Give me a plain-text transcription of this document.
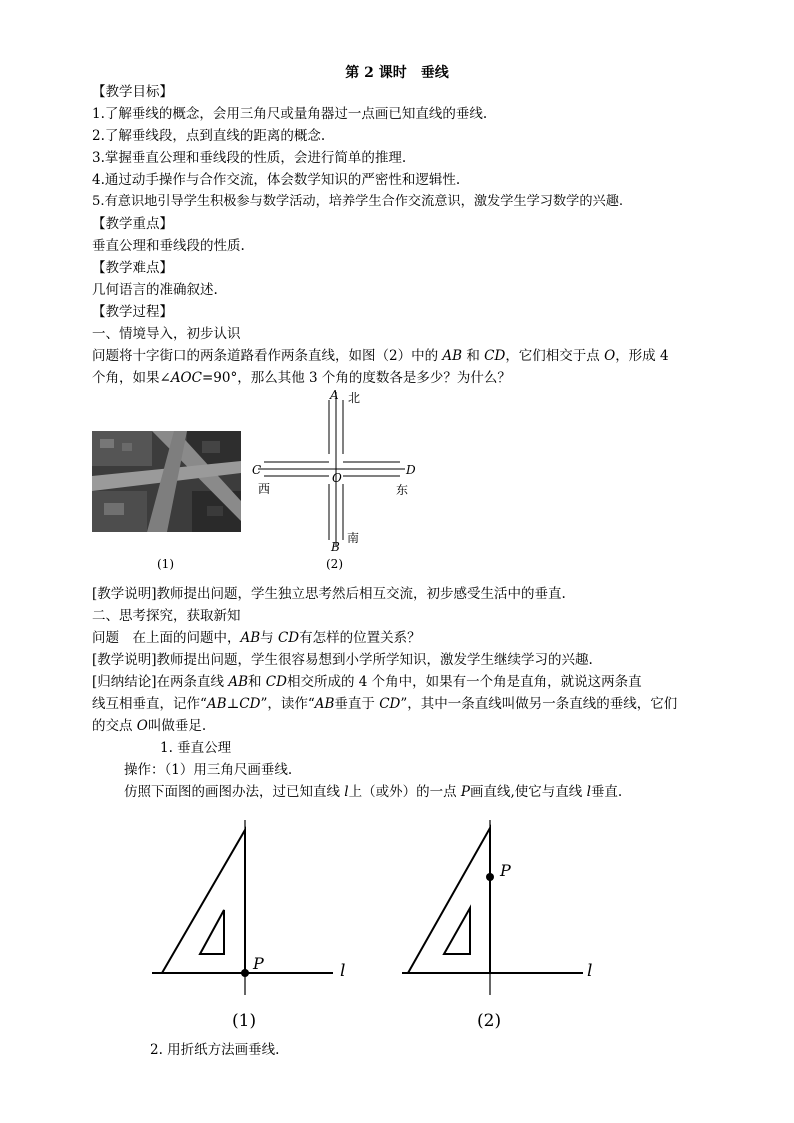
第 2 课时　垂线
【教学目标】
1.了解垂线的概念，会用三角尺或量角器过一点画已知直线的垂线.
2.了解垂线段，点到直线的距离的概念.
3.掌握垂直公理和垂线段的性质，会进行简单的推理.
4.通过动手操作与合作交流，体会数学知识的严密性和逻辑性.
5.有意识地引导学生积极参与数学活动，培养学生合作交流意识，激发学生学习数学的兴趣.
【教学重点】
垂直公理和垂线段的性质.
【教学难点】
几何语言的准确叙述.
【教学过程】
一、情境导入，初步认识
问题将十字街口的两条道路看作两条直线，如图（2）中的 AB 和 CD，它们相交于点 O，形成 4
个角，如果∠AOC=90°，那么其他 3 个角的度数各是多少？为什么？
A 北
C	D
O
西	东
南
B
(1)	(2)
[教学说明]教师提出问题，学生独立思考然后相互交流，初步感受生活中的垂直.
二、思考探究，获取新知
问题　在上面的问题中，AB与 CD有怎样的位置关系？
[教学说明]教师提出问题，学生很容易想到小学所学知识，激发学生继续学习的兴趣.
[归纳结论]在两条直线 AB和 CD相交所成的 4 个角中，如果有一个角是直角，就说这两条直
线互相垂直，记作“AB⊥CD”，读作“AB垂直于 CD”，其中一条直线叫做另一条直线的垂线，它们
的交点 O叫做垂足.
1. 垂直公理
操作：（1）用三角尺画垂线.
仿照下面图的画图办法，过已知直线 l上（或外）的一点 P画直线,使它与直线 l垂直.
P	l
P
l
(1)	(2)
2. 用折纸方法画垂线.
